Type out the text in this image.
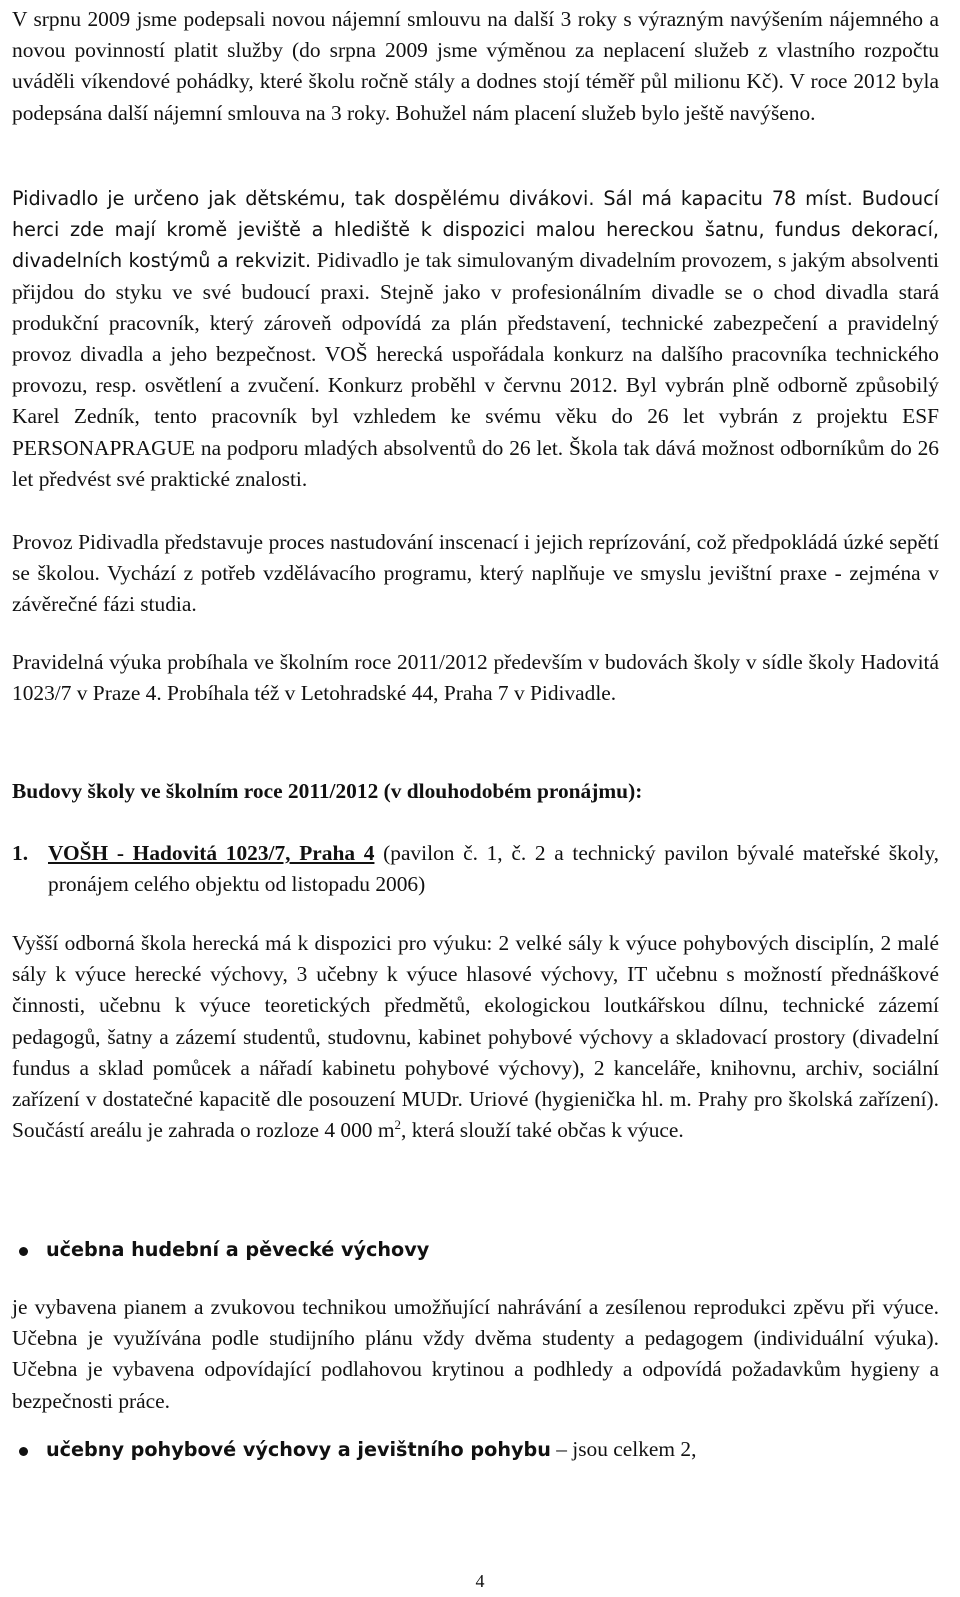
V srpnu 2009 jsme podepsali novou nájemní smlouvu na další 3 roky s výrazným navýšením nájemného a novou povinností platit služby (do srpna 2009 jsme výměnou za neplacení služeb z vlastního rozpočtu uváděli víkendové pohádky, které školu ročně stály a dodnes stojí téměř půl milionu Kč). V roce 2012 byla podepsána další nájemní smlouva na 3 roky. Bohužel nám placení služeb bylo ještě navýšeno.

Pidivadlo je určeno jak dětskému, tak dospělému divákovi. Sál má kapacitu 78 míst. Budoucí herci zde mají kromě jeviště a hlediště k dispozici malou hereckou šatnu, fundus dekorací, divadelních kostýmů a rekvizit. Pidivadlo je tak simulovaným divadelním provozem, s jakým absolventi přijdou do styku ve své budoucí praxi. Stejně jako v profesionálním divadle se o chod divadla stará produkční pracovník, který zároveň odpovídá za plán představení, technické zabezpečení a pravidelný provoz divadla a jeho bezpečnost. VOŠ herecká uspořádala konkurz na dalšího pracovníka technického provozu, resp. osvětlení a zvučení. Konkurz proběhl v červnu 2012. Byl vybrán plně odborně způsobilý Karel Zedník, tento pracovník byl vzhledem ke svému věku do 26 let vybrán z projektu ESF PERSONAPRAGUE na podporu mladých absolventů do 26 let. Škola tak dává možnost odborníkům do 26 let předvést své praktické znalosti.

Provoz Pidivadla představuje proces nastudování inscenací i jejich reprízování, což předpokládá úzké sepětí se školou. Vychází z potřeb vzdělávacího programu, který naplňuje ve smyslu jevištní praxe - zejména v závěrečné fázi studia.

Pravidelná výuka probíhala ve školním roce 2011/2012 především v budovách školy v sídle školy Hadovitá 1023/7 v Praze 4. Probíhala též v Letohradské 44, Praha 7 v Pidivadle.

Budovy školy ve školním roce 2011/2012 (v dlouhodobém pronájmu):

1. VOŠH - Hadovitá 1023/7, Praha 4 (pavilon č. 1, č. 2 a technický pavilon bývalé mateřské školy, pronájem celého objektu od listopadu 2006)

Vyšší odborná škola herecká má k dispozici pro výuku: 2 velké sály k výuce pohybových disciplín, 2 malé sály k výuce herecké výchovy, 3 učebny k výuce hlasové výchovy, IT učebnu s možností přednáškové činnosti, učebnu k výuce teoretických předmětů, ekologickou loutkářskou dílnu, technické zázemí pedagogů, šatny a zázemí studentů, studovnu, kabinet pohybové výchovy a skladovací prostory (divadelní fundus a sklad pomůcek a nářadí kabinetu pohybové výchovy), 2 kanceláře, knihovnu, archiv, sociální zařízení v dostatečné kapacitě dle posouzení MUDr. Uriové (hygienička hl. m. Prahy pro školská zařízení). Součástí areálu je zahrada o rozloze 4 000 $m^2$, která slouží také občas k výuce.

učebna hudební a pěvecké výchovy

je vybavena pianem a zvukovou technikou umožňující nahrávání a zesílenou reprodukci zpěvu při výuce. Učebna je využívána podle studijního plánu vždy dvěma studenty a pedagogem (individuální výuka). Učebna je vybavena odpovídající podlahovou krytinou a podhledy a odpovídá požadavkům hygieny a bezpečnosti práce.

učebny pohybové výchovy a jevištního pohybu – jsou celkem 2,
4
